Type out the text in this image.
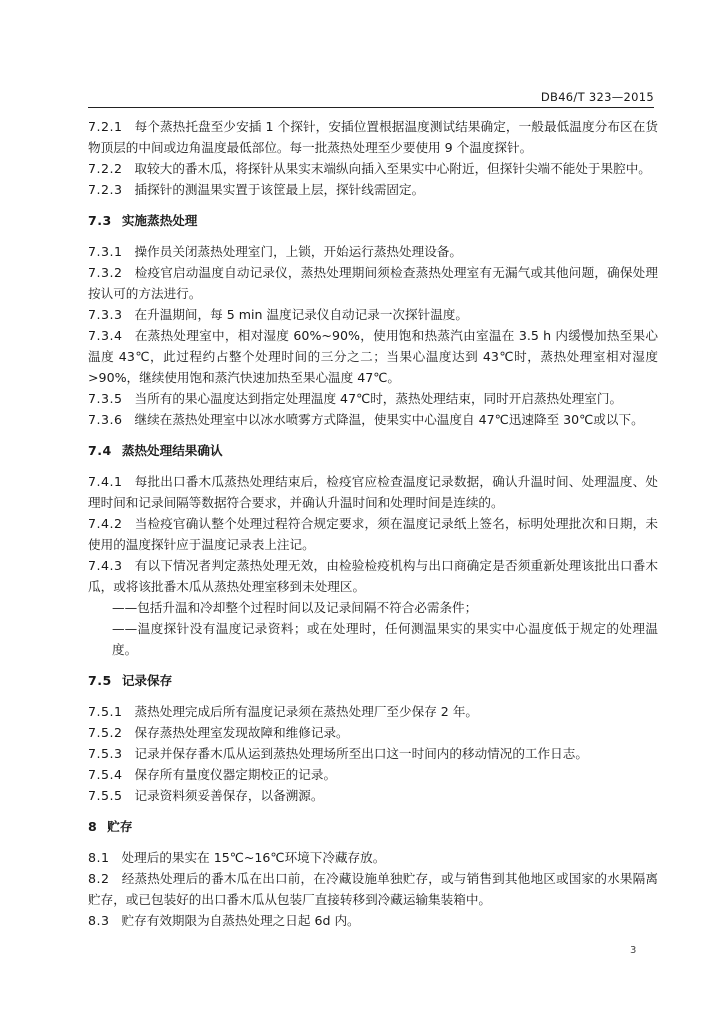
DB46/T 323—2015

7.2.1 每个蒸热托盘至少安插 1 个探针，安插位置根据温度测试结果确定，一般最低温度分布区在货物顶层的中间或边角温度最低部位。每一批蒸热处理至少要使用 9 个温度探针。

7.2.2 取较大的番木瓜，将探针从果实末端纵向插入至果实中心附近，但探针尖端不能处于果腔中。

7.2.3 插探针的测温果实置于该筐最上层，探针线需固定。

7.3 实施蒸热处理

7.3.1 操作员关闭蒸热处理室门，上锁，开始运行蒸热处理设备。

7.3.2 检疫官启动温度自动记录仪，蒸热处理期间须检查蒸热处理室有无漏气或其他问题，确保处理按认可的方法进行。

7.3.3 在升温期间，每 5 min 温度记录仪自动记录一次探针温度。

7.3.4 在蒸热处理室中，相对湿度 60%~90%，使用饱和热蒸汽由室温在 3.5 h 内缓慢加热至果心温度 43℃，此过程约占整个处理时间的三分之二；当果心温度达到 43℃时，蒸热处理室相对湿度>90%，继续使用饱和蒸汽快速加热至果心温度 47℃。

7.3.5 当所有的果心温度达到指定处理温度 47℃时，蒸热处理结束，同时开启蒸热处理室门。

7.3.6 继续在蒸热处理室中以冰水喷雾方式降温，使果实中心温度自 47℃迅速降至 30℃或以下。

7.4 蒸热处理结果确认

7.4.1 每批出口番木瓜蒸热处理结束后，检疫官应检查温度记录数据，确认升温时间、处理温度、处理时间和记录间隔等数据符合要求，并确认升温时间和处理时间是连续的。

7.4.2 当检疫官确认整个处理过程符合规定要求，须在温度记录纸上签名，标明处理批次和日期，未使用的温度探针应于温度记录表上注记。

7.4.3 有以下情况者判定蒸热处理无效，由检验检疫机构与出口商确定是否须重新处理该批出口番木瓜，或将该批番木瓜从蒸热处理室移到未处理区。

——包括升温和冷却整个过程时间以及记录间隔不符合必需条件；

——温度探针没有温度记录资料；或在处理时，任何测温果实的果实中心温度低于规定的处理温度。

7.5 记录保存

7.5.1 蒸热处理完成后所有温度记录须在蒸热处理厂至少保存 2 年。

7.5.2 保存蒸热处理室发现故障和维修记录。

7.5.3 记录并保存番木瓜从运到蒸热处理场所至出口这一时间内的移动情况的工作日志。

7.5.4 保存所有量度仪器定期校正的记录。

7.5.5 记录资料须妥善保存，以备溯源。

8 贮存

8.1 处理后的果实在 15℃~16℃环境下冷藏存放。

8.2 经蒸热处理后的番木瓜在出口前，在冷藏设施单独贮存，或与销售到其他地区或国家的水果隔离贮存，或已包装好的出口番木瓜从包装厂直接转移到冷藏运输集装箱中。

8.3 贮存有效期限为自蒸热处理之日起 6d 内。

3
